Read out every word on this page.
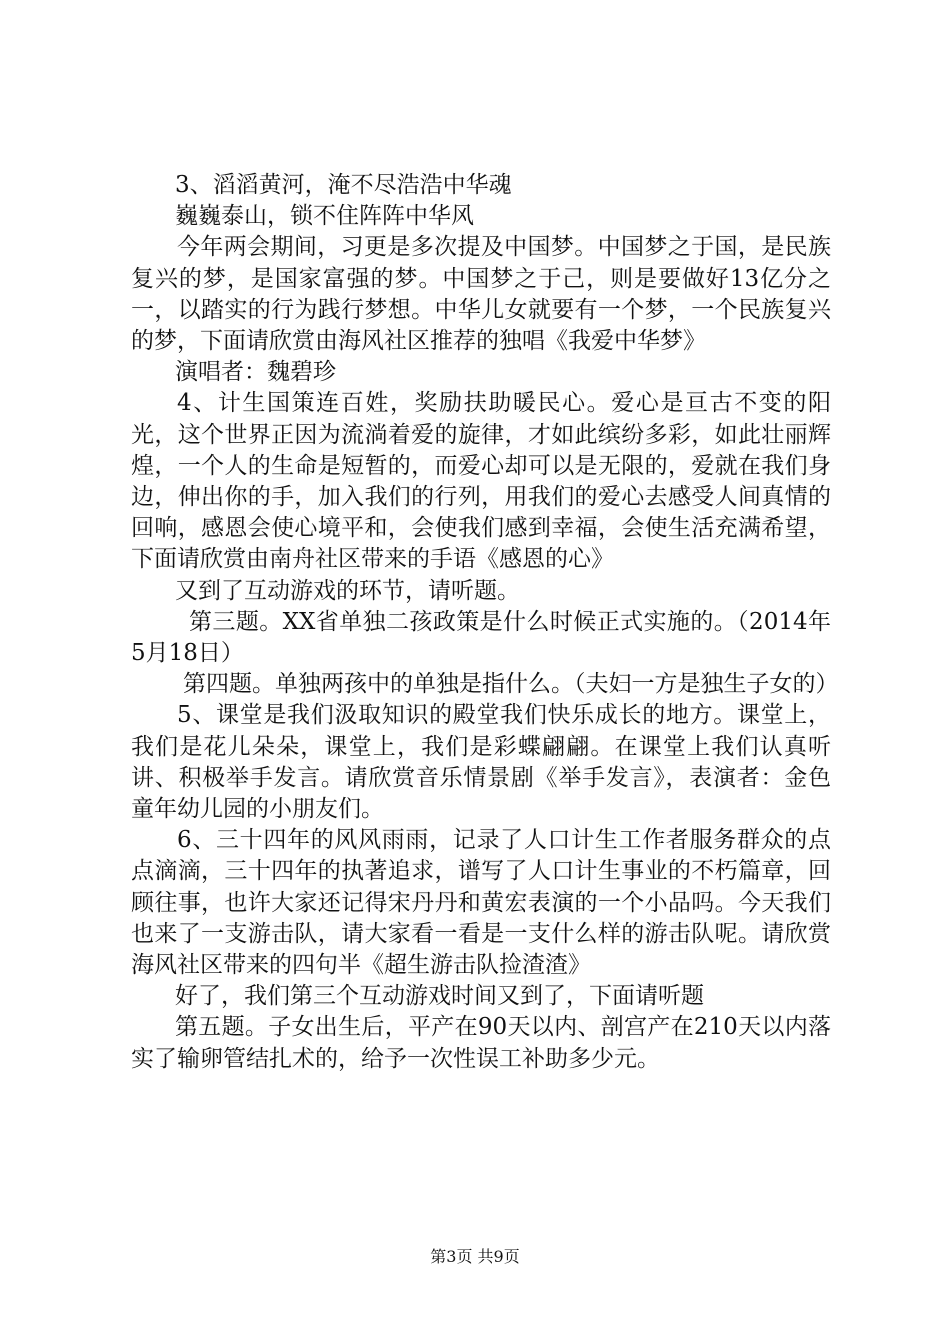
3、滔滔黄河，淹不尽浩浩中华魂

巍巍泰山，锁不住阵阵中华风

今年两会期间，习更是多次提及中国梦。中国梦之于国，是民族复兴的梦，是国家富强的梦。中国梦之于己，则是要做好13亿分之一，以踏实的行为践行梦想。中华儿女就要有一个梦，一个民族复兴的梦，下面请欣赏由海风社区推荐的独唱《我爱中华梦》

演唱者：魏碧珍

4、计生国策连百姓，奖励扶助暖民心。爱心是亘古不变的阳光，这个世界正因为流淌着爱的旋律，才如此缤纷多彩，如此壮丽辉煌，一个人的生命是短暂的，而爱心却可以是无限的，爱就在我们身边，伸出你的手，加入我们的行列，用我们的爱心去感受人间真情的回响，感恩会使心境平和，会使我们感到幸福，会使生活充满希望，下面请欣赏由南舟社区带来的手语《感恩的心》

又到了互动游戏的环节，请听题。

第三题。XX省单独二孩政策是什么时候正式实施的。（2014年5月18日）

第四题。单独两孩中的单独是指什么。（夫妇一方是独生子女的）

5、课堂是我们汲取知识的殿堂我们快乐成长的地方。课堂上，我们是花儿朵朵，课堂上，我们是彩蝶翩翩。在课堂上我们认真听讲、积极举手发言。请欣赏音乐情景剧《举手发言》，表演者：金色童年幼儿园的小朋友们。

6、三十四年的风风雨雨，记录了人口计生工作者服务群众的点点滴滴，三十四年的执著追求，谱写了人口计生事业的不朽篇章，回顾往事，也许大家还记得宋丹丹和黄宏表演的一个小品吗。今天我们也来了一支游击队，请大家看一看是一支什么样的游击队呢。请欣赏海风社区带来的四句半《超生游击队捡渣渣》

好了，我们第三个互动游戏时间又到了，下面请听题

第五题。子女出生后，平产在90天以内、剖宫产在210天以内落实了输卵管结扎术的，给予一次性误工补助多少元。

第3页 共9页
